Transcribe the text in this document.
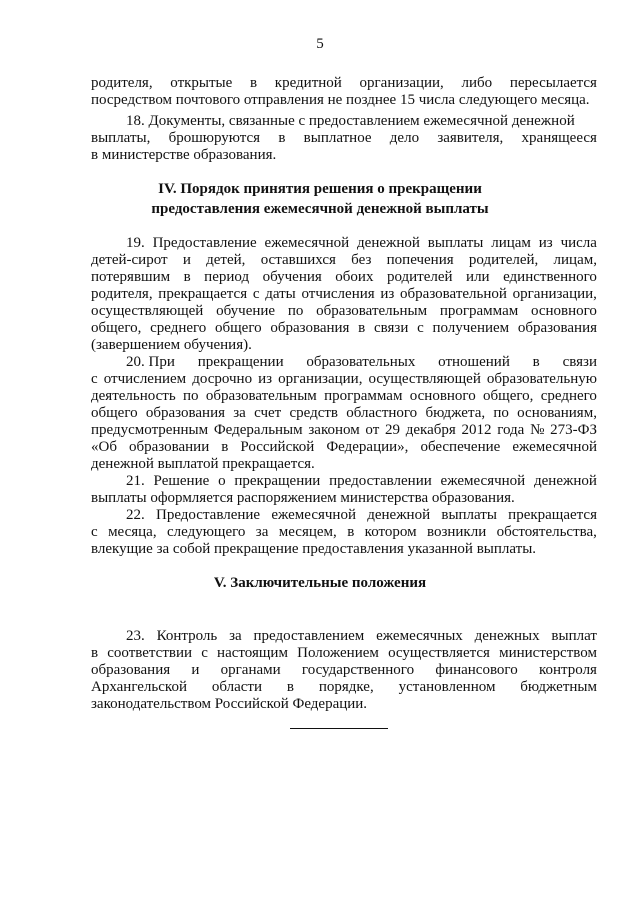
5
родителя, открытые в кредитной организации, либо пересылается
посредством почтового отправления не позднее 15 числа следующего месяца.
18. Документы, связанные с предоставлением ежемесячной денежной
выплаты, брошюруются в выплатное дело заявителя, хранящееся
в министерстве образования.
IV. Порядок принятия решения о прекращении
предоставления ежемесячной денежной выплаты
19. Предоставление ежемесячной денежной выплаты лицам из числа
детей-сирот и детей, оставшихся без попечения родителей, лицам,
потерявшим в период обучения обоих родителей или единственного
родителя, прекращается с даты отчисления из образовательной организации,
осуществляющей обучение по образовательным программам основного
общего, среднего общего образования в связи с получением образования
(завершением обучения).
20. При прекращении образовательных отношений в связи
с отчислением досрочно из организации, осуществляющей образовательную
деятельность по образовательным программам основного общего, среднего
общего образования за счет средств областного бюджета, по основаниям,
предусмотренным Федеральным законом от 29 декабря 2012 года № 273-ФЗ
«Об образовании в Российской Федерации», обеспечение ежемесячной
денежной выплатой прекращается.
21. Решение о прекращении предоставлении ежемесячной денежной
выплаты оформляется распоряжением министерства образования.
22. Предоставление ежемесячной денежной выплаты прекращается
с месяца, следующего за месяцем, в котором возникли обстоятельства,
влекущие за собой прекращение предоставления указанной выплаты.
V. Заключительные положения
23. Контроль за предоставлением ежемесячных денежных выплат
в соответствии с настоящим Положением осуществляется министерством
образования и органами государственного финансового контроля
Архангельской области в порядке, установленном бюджетным
законодательством Российской Федерации.
